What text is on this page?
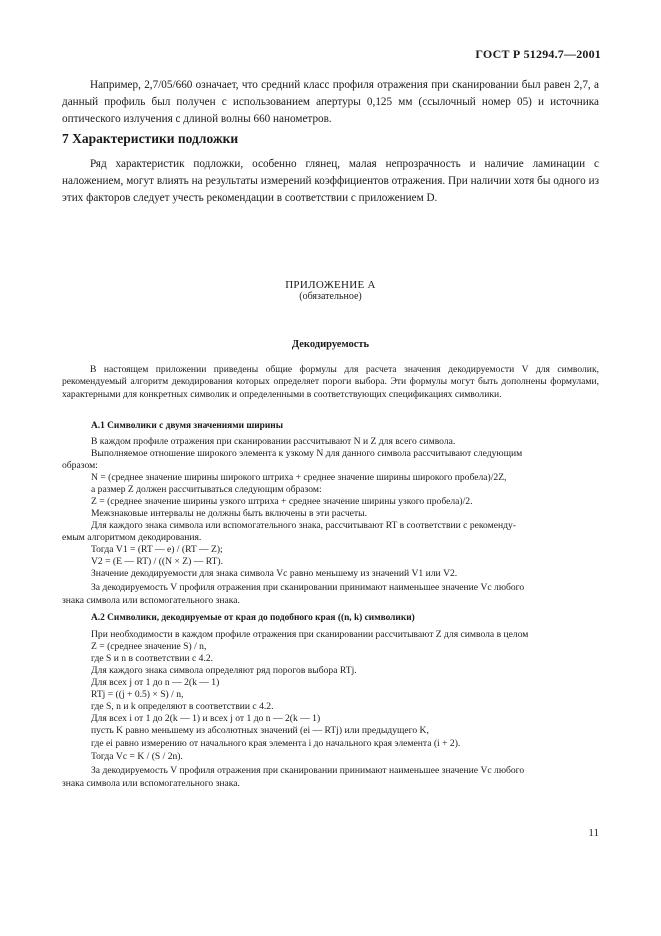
ГОСТ Р 51294.7—2001
Например, 2,7/05/660 означает, что средний класс профиля отражения при сканировании был равен 2,7, а данный профиль был получен с использованием апертуры 0,125 мм (ссылочный номер 05) и источника оптического излучения с длиной волны 660 нанометров.
7 Характеристики подложки
Ряд характеристик подложки, особенно глянец, малая непрозрачность и наличие ламинации с наложением, могут влиять на результаты измерений коэффициентов отражения. При наличии хотя бы одного из этих факторов следует учесть рекомендации в соответствии с приложением D.
ПРИЛОЖЕНИЕ А
(обязательное)
Декодируемость
В настоящем приложении приведены общие формулы для расчета значения декодируемости V для символик, рекомендуемый алгоритм декодирования которых определяет пороги выбора. Эти формулы могут быть дополнены формулами, характерными для конкретных символик и определенными в соответствующих спецификациях символики.
А.1 Символики с двумя значениями ширины
В каждом профиле отражения при сканировании рассчитывают N и Z для всего символа.
Выполняемое отношение широкого элемента к узкому N для данного символа рассчитывают следующим
образом:
N = (среднее значение ширины широкого штриха + среднее значение ширины широкого пробела)/2Z,
а размер Z должен рассчитываться следующим образом:
Z = (среднее значение ширины узкого штриха + среднее значение ширины узкого пробела)/2.
Межзнаковые интервалы не должны быть включены в эти расчеты.
Для каждого знака символа или вспомогательного знака, рассчитывают RT в соответствии с рекоменду-
емым алгоритмом декодирования.
Тогда V1 = (RT — e) / (RT — Z);
V2 = (E — RT) / ((N × Z) — RT).
Значение декодируемости для знака символа Vc равно меньшему из значений V1 или V2.
За декодируемость V профиля отражения при сканировании принимают наименьшее значение Vc любого
знака символа или вспомогательного знака.
А.2 Символики, декодируемые от края до подобного края ((n, k) символики)
При необходимости в каждом профиле отражения при сканировании рассчитывают Z для символа в целом
Z = (среднее значение S) / n,
где S и n в соответствии с 4.2.
Для каждого знака символа определяют ряд порогов выбора RTj.
Для всех j от 1 до n — 2(k — 1)
RTj = ((j + 0.5) × S) / n,
где S, n и k определяют в соответствии с 4.2.
Для всех i от 1 до 2(k — 1) и всех j от 1 до n — 2(k — 1)
пусть K равно меньшему из абсолютных значений (ei — RTj) или предыдущего K,
где ei равно измерению от начального края элемента i до начального края элемента (i + 2).
Тогда Vc = K / (S / 2n).
За декодируемость V профиля отражения при сканировании принимают наименьшее значение Vc любого
знака символа или вспомогательного знака.
11
